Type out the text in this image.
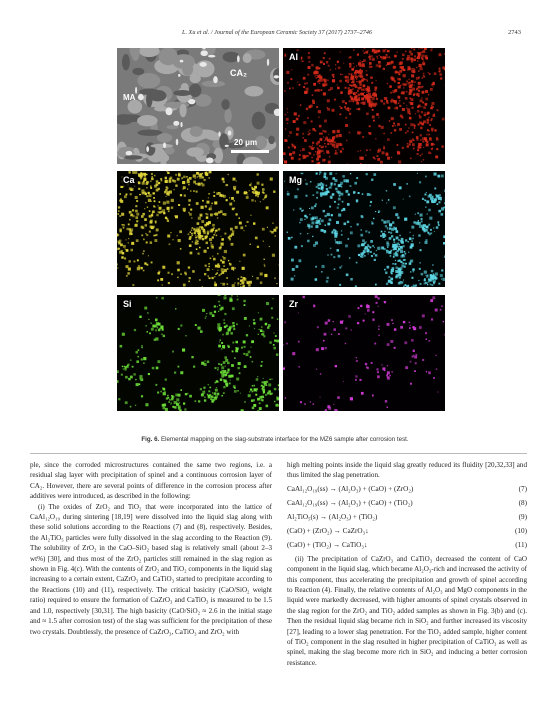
L. Xu et al. / Journal of the European Ceramic Society 37 (2017) 2737–2746	2743
CA₂
MA
20 μm
Al
Ca	Mg
Si	Zr
Fig. 6. Elemental mapping on the slag-substrate interface for the MZ6 sample after corrosion test.

ple, since the corroded microstructures contained the same two regions, i.e. a residual slag layer with precipitation of spinel and a continuous corrosion layer of CA₂. However, there are several points of difference in the corrosion process after additives were introduced, as described in the following:

(i) The oxides of ZrO₂ and TiO₂ that were incorporated into the lattice of CaAl₁₂O₁₉ during sintering [18,19] were dissolved into the liquid slag along with these solid solutions according to the Reactions (7) and (8), respectively. Besides, the Al₂TiO₅ particles were fully dissolved in the slag according to the Reaction (9). The solubility of ZrO₂ in the CaO–SiO₂ based slag is relatively small (about 2–3 wt%) [30], and thus most of the ZrO₂ particles still remained in the slag region as shown in Fig. 4(c). With the contents of ZrO₂ and TiO₂ components in the liquid slag increasing to a certain extent, CaZrO₃ and CaTiO₃ started to precipitate according to the Reactions (10) and (11), respectively. The critical basicity (CaO/SiO₂ weight ratio) required to ensure the formation of CaZrO₃ and CaTiO₃ is measured to be 1.5 and 1.0, respectively [30,31]. The high basicity (CaO/SiO₂ ≈ 2.6 in the initial stage and ≈ 1.5 after corrosion test) of the slag was sufficient for the precipitation of these two crystals. Doubtlessly, the presence of CaZrO₃, CaTiO₃ and ZrO₂ with

high melting points inside the liquid slag greatly reduced its fluidity [20,32,33] and thus limited the slag penetration.

CaAl₁₂O₁₉(ss) → (Al₂O₃) + (CaO) + (ZrO₂)	(7)
CaAl₁₂O₁₉(ss) → (Al₂O₃) + (CaO) + (TiO₂)	(8)
Al₂TiO₅(s) → (Al₂O₃) + (TiO₂)	(9)
(CaO) + (ZrO₂) → CaZrO₃↓	(10)
(CaO) + (TiO₂) → CaTiO₃↓	(11)

(ii) The precipitation of CaZrO₃ and CaTiO₃ decreased the content of CaO component in the liquid slag, which became Al₂O₃-rich and increased the activity of this component, thus accelerating the precipitation and growth of spinel according to Reaction (4). Finally, the relative contents of Al₂O₃ and MgO components in the liquid were markedly decreased, with higher amounts of spinel crystals observed in the slag region for the ZrO₂ and TiO₂ added samples as shown in Fig. 3(b) and (c). Then the residual liquid slag became rich in SiO₂ and further increased its viscosity [27], leading to a lower slag penetration. For the TiO₂ added sample, higher content of TiO₂ component in the slag resulted in higher precipitation of CaTiO₃ as well as spinel, making the slag become more rich in SiO₂ and inducing a better corrosion resistance.
